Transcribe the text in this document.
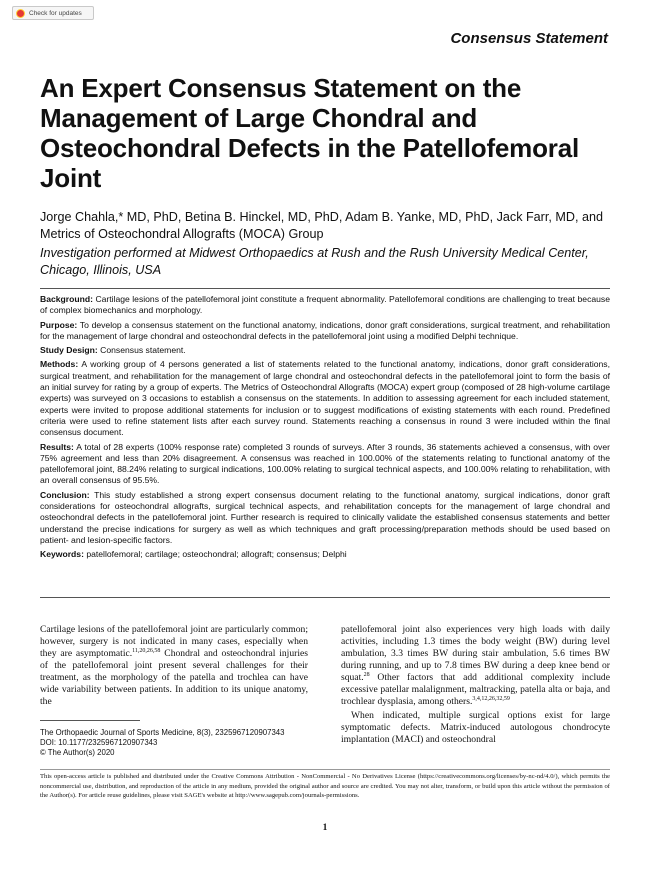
Check for updates
Consensus Statement
An Expert Consensus Statement on the Management of Large Chondral and Osteochondral Defects in the Patellofemoral Joint
Jorge Chahla,* MD, PhD, Betina B. Hinckel, MD, PhD, Adam B. Yanke, MD, PhD, Jack Farr, MD, and Metrics of Osteochondral Allografts (MOCA) Group
Investigation performed at Midwest Orthopaedics at Rush and the Rush University Medical Center, Chicago, Illinois, USA

Background: Cartilage lesions of the patellofemoral joint constitute a frequent abnormality. Patellofemoral conditions are challenging to treat because of complex biomechanics and morphology.

Purpose: To develop a consensus statement on the functional anatomy, indications, donor graft considerations, surgical treatment, and rehabilitation for the management of large chondral and osteochondral defects in the patellofemoral joint using a modified Delphi technique.

Study Design: Consensus statement.

Methods: A working group of 4 persons generated a list of statements related to the functional anatomy, indications, donor graft considerations, surgical treatment, and rehabilitation for the management of large chondral and osteochondral defects in the patellofemoral joint to form the basis of an initial survey for rating by a group of experts. The Metrics of Osteochondral Allografts (MOCA) expert group (composed of 28 high-volume cartilage experts) was surveyed on 3 occasions to establish a consensus on the statements. In addition to assessing agreement for each included statement, experts were invited to propose additional statements for inclusion or to suggest modifications of existing statements with each round. Predefined criteria were used to refine statement lists after each survey round. Statements reaching a consensus in round 3 were included within the final consensus document.

Results: A total of 28 experts (100% response rate) completed 3 rounds of surveys. After 3 rounds, 36 statements achieved a consensus, with over 75% agreement and less than 20% disagreement. A consensus was reached in 100.00% of the statements relating to functional anatomy of the patellofemoral joint, 88.24% relating to surgical indications, 100.00% relating to surgical technical aspects, and 100.00% relating to rehabilitation, with an overall consensus of 95.5%.

Conclusion: This study established a strong expert consensus document relating to the functional anatomy, surgical indications, donor graft considerations for osteochondral allografts, surgical technical aspects, and rehabilitation concepts for the management of large chondral and osteochondral defects in the patellofemoral joint. Further research is required to clinically validate the established consensus statements and better understand the precise indications for surgery as well as which techniques and graft processing/preparation methods should be used based on patient- and lesion-specific factors.

Keywords: patellofemoral; cartilage; osteochondral; allograft; consensus; Delphi

Cartilage lesions of the patellofemoral joint are particularly common; however, surgery is not indicated in many cases, especially when they are asymptomatic.$^{11,20,26,58}$ Chondral and osteochondral injuries of the patellofemoral joint present several challenges for their treatment, as the morphology of the patella and trochlea can have wide variability between patients. In addition to its unique anatomy, the

patellofemoral joint also experiences very high loads with daily activities, including 1.3 times the body weight (BW) during level ambulation, 3.3 times BW during stair ambulation, 5.6 times BW during running, and up to 7.8 times BW during a deep knee bend or squat.$^{28}$ Other factors that add additional complexity include excessive patellar malalignment, maltracking, patella alta or baja, and trochlear dysplasia, among others.$^{3,4,12,26,32,59}$

When indicated, multiple surgical options exist for large symptomatic defects. Matrix-induced autologous chondrocyte implantation (MACI) and osteochondral

The Orthopaedic Journal of Sports Medicine, 8(3), 2325967120907343
DOI: 10.1177/2325967120907343
© The Author(s) 2020
This open-access article is published and distributed under the Creative Commons Attribution - NonCommercial - No Derivatives License (https://creativecommons.org/licenses/by-nc-nd/4.0/), which permits the noncommercial use, distribution, and reproduction of the article in any medium, provided the original author and source are credited. You may not alter, transform, or build upon this article without the permission of the Author(s). For article reuse guidelines, please visit SAGE's website at http://www.sagepub.com/journals-permissions.
1
